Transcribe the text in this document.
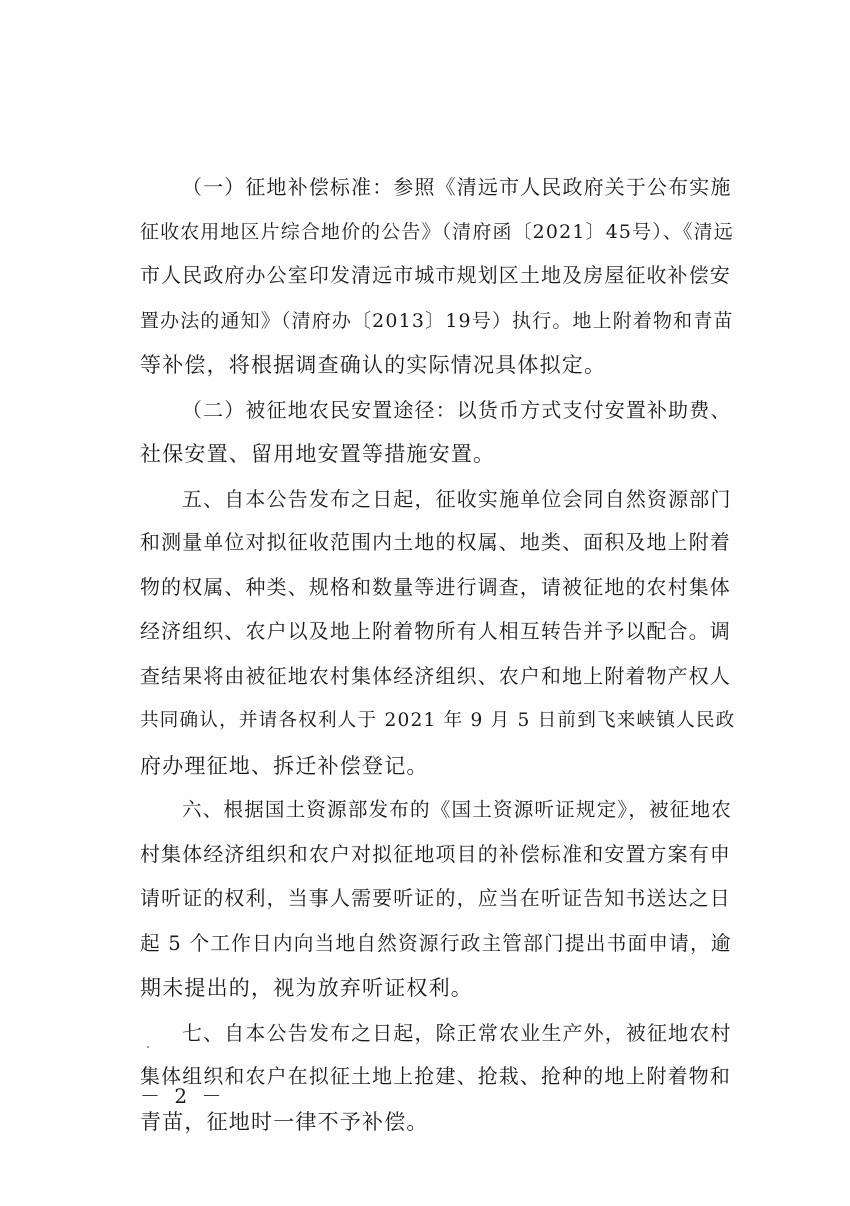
（一）征地补偿标准：参照《清远市人民政府关于公布实施
征收农用地区片综合地价的公告》（清府函〔2021〕45号）、《清远
市人民政府办公室印发清远市城市规划区土地及房屋征收补偿安
置办法的通知》（清府办〔2013〕19号）执行。地上附着物和青苗
等补偿，将根据调查确认的实际情况具体拟定。

（二）被征地农民安置途径：以货币方式支付安置补助费、
社保安置、留用地安置等措施安置。

五、自本公告发布之日起，征收实施单位会同自然资源部门
和测量单位对拟征收范围内土地的权属、地类、面积及地上附着
物的权属、种类、规格和数量等进行调查，请被征地的农村集体
经济组织、农户以及地上附着物所有人相互转告并予以配合。调
查结果将由被征地农村集体经济组织、农户和地上附着物产权人
共同确认，并请各权利人于 2021 年 9 月 5 日前到飞来峡镇人民政
府办理征地、拆迁补偿登记。

六、根据国土资源部发布的《国土资源听证规定》，被征地农
村集体经济组织和农户对拟征地项目的补偿标准和安置方案有申
请听证的权利，当事人需要听证的，应当在听证告知书送达之日
起 5 个工作日内向当地自然资源行政主管部门提出书面申请，逾
期未提出的，视为放弃听证权利。

七、自本公告发布之日起，除正常农业生产外，被征地农村
集体组织和农户在拟征土地上抢建、抢栽、抢种的地上附着物和
青苗，征地时一律不予补偿。

－ 2 －
